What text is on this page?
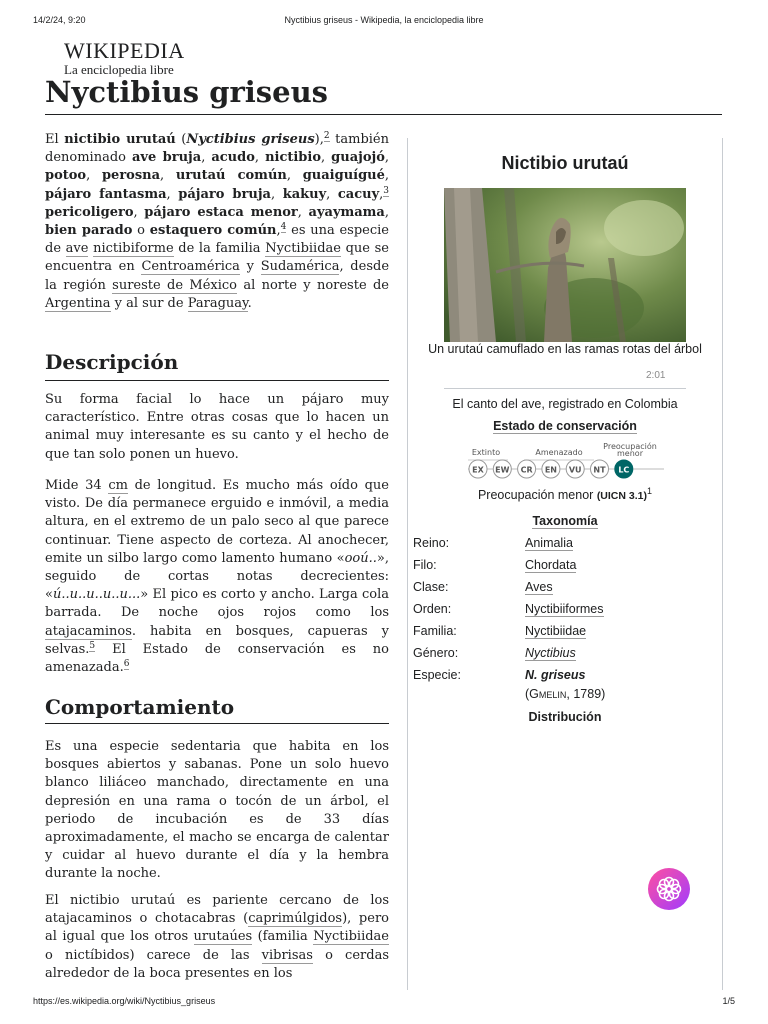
14/2/24, 9:20	Nyctibius griseus - Wikipedia, la enciclopedia libre
https://es.wikipedia.org/wiki/Nyctibius_griseus	1/5
WIKIPEDIA
La enciclopedia libre
Nyctibius griseus

El nictibio urutaú (Nyctibius griseus),$^2$ también denominado ave bruja, acudo, nictibio, guajojó, potoo, perosna, urutaú común, guaiguígué, pájaro fantasma, pájaro bruja, kakuy, cacuy,$^3$ pericoligero, pájaro estaca menor, ayaymama, bien parado o estaquero común,$^4$ es una especie de ave nictibiforme de la familia Nyctibiidae que se encuentra en Centroamérica y Sudamérica, desde la región sureste de México al norte y noreste de Argentina y al sur de Paraguay.

Descripción

Su forma facial lo hace un pájaro muy característico. Entre otras cosas que lo hacen un animal muy interesante es su canto y el hecho de que tan solo ponen un huevo.

Mide 34 cm de longitud. Es mucho más oído que visto. De día permanece erguido e inmóvil, a media altura, en el extremo de un palo seco al que parece continuar. Tiene aspecto de corteza. Al anochecer, emite un silbo largo como lamento humano «ooú..», seguido de cortas notas decrecientes: «ú..u..u..u..u...» El pico es corto y ancho. Larga cola barrada. De noche ojos rojos como los atajacaminos. habita en bosques, capueras y selvas.$^5$ El Estado de conservación es no amenazada.$^6$

Comportamiento

Es una especie sedentaria que habita en los bosques abiertos y sabanas. Pone un solo huevo blanco liliáceo manchado, directamente en una depresión en una rama o tocón de un árbol, el periodo de incubación es de 33 días aproximadamente, el macho se encarga de calentar y cuidar al huevo durante el día y la hembra durante la noche.

El nictibio urutaú es pariente cercano de los atajacaminos o chotacabras (caprimúlgidos), pero al igual que los otros urutaúes (familia Nyctibiidae o nictíbidos) carece de las vibrisas o cerdas alrededor de la boca presentes en los

Nictibio urutaú
Un urutaú camuflado en las ramas rotas del árbol
2:01
El canto del ave, registrado en Colombia
Estado de conservación
Extinto	Amenazado
Preocupación
menor
EX EW CR EN VU NT LC
Preocupación menor (UICN 3.1)$^1$
Taxonomía
Reino:	Animalia
Filo:	Chordata
Clase:	Aves
Orden:	Nyctibiiformes
Familia:	Nyctibiidae
Género:	Nyctibius
Especie:	N. griseus
(Gmelin, 1789)
Distribución
